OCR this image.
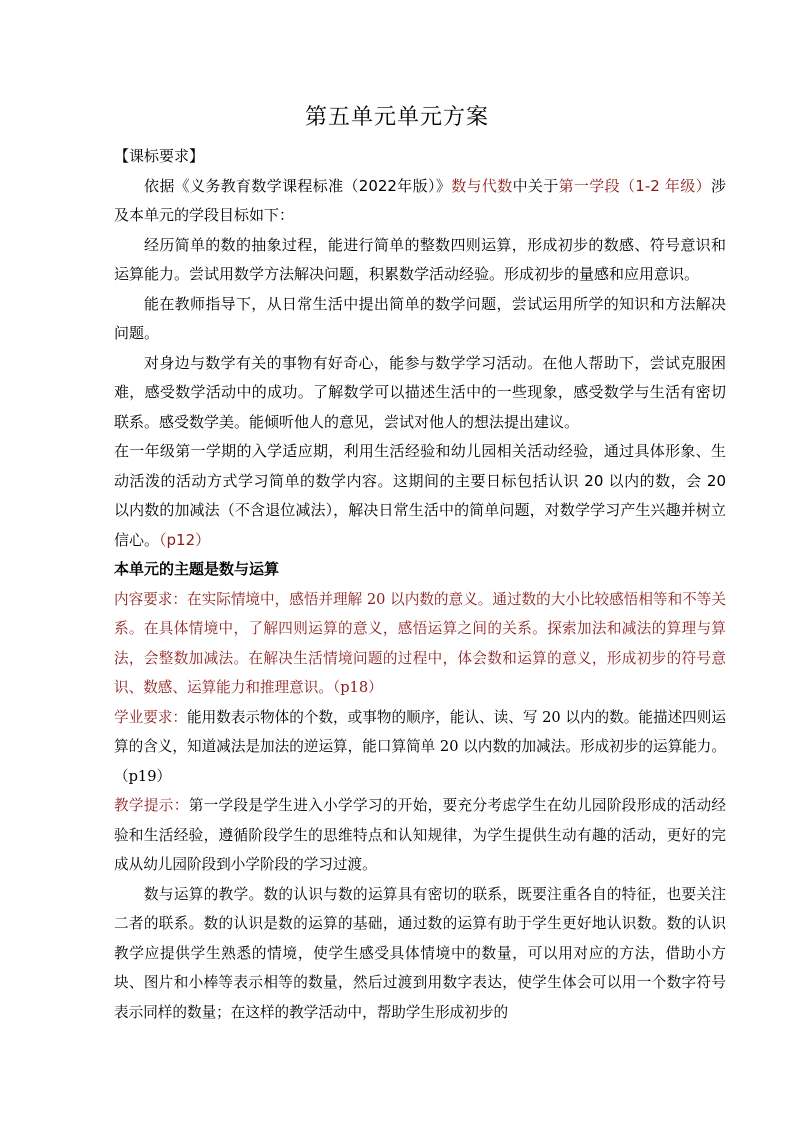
第五单元单元方案

【课标要求】

依据《义务教育数学课程标准（2022年版）》数与代数中关于第一学段（1-2 年级）涉及本单元的学段目标如下：

经历简单的数的抽象过程，能进行简单的整数四则运算，形成初步的数感、符号意识和运算能力。尝试用数学方法解决问题，积累数学活动经验。形成初步的量感和应用意识。

能在教师指导下，从日常生活中提出简单的数学问题，尝试运用所学的知识和方法解决问题。

对身边与数学有关的事物有好奇心，能参与数学学习活动。在他人帮助下，尝试克服困难，感受数学活动中的成功。了解数学可以描述生活中的一些现象，感受数学与生活有密切联系。感受数学美。能倾听他人的意见，尝试对他人的想法提出建议。

在一年级第一学期的入学适应期，利用生活经验和幼儿园相关活动经验，通过具体形象、生动活泼的活动方式学习简单的数学内容。这期间的主要日标包括认识 20 以内的数，会 20 以内数的加减法（不含退位减法），解决日常生活中的简单问题，对数学学习产生兴趣并树立信心。（p12）

本单元的主题是数与运算

内容要求：在实际情境中，感悟并理解 20 以内数的意义。通过数的大小比较感悟相等和不等关系。在具体情境中，了解四则运算的意义，感悟运算之间的关系。探索加法和减法的算理与算法，会整数加减法。在解决生活情境问题的过程中，体会数和运算的意义，形成初步的符号意识、数感、运算能力和推理意识。（p18）

学业要求：能用数表示物体的个数，或事物的顺序，能认、读、写 20 以内的数。能描述四则运算的含义，知道减法是加法的逆运算，能口算简单 20 以内数的加减法。形成初步的运算能力。（p19）

教学提示：第一学段是学生进入小学学习的开始，要充分考虑学生在幼儿园阶段形成的活动经验和生活经验，遵循阶段学生的思维特点和认知规律，为学生提供生动有趣的活动，更好的完成从幼儿园阶段到小学阶段的学习过渡。

数与运算的教学。数的认识与数的运算具有密切的联系，既要注重各自的特征，也要关注二者的联系。数的认识是数的运算的基础，通过数的运算有助于学生更好地认识数。数的认识教学应提供学生熟悉的情境，使学生感受具体情境中的数量，可以用对应的方法，借助小方块、图片和小棒等表示相等的数量，然后过渡到用数字表达，使学生体会可以用一个数字符号表示同样的数量；在这样的教学活动中，帮助学生形成初步的
